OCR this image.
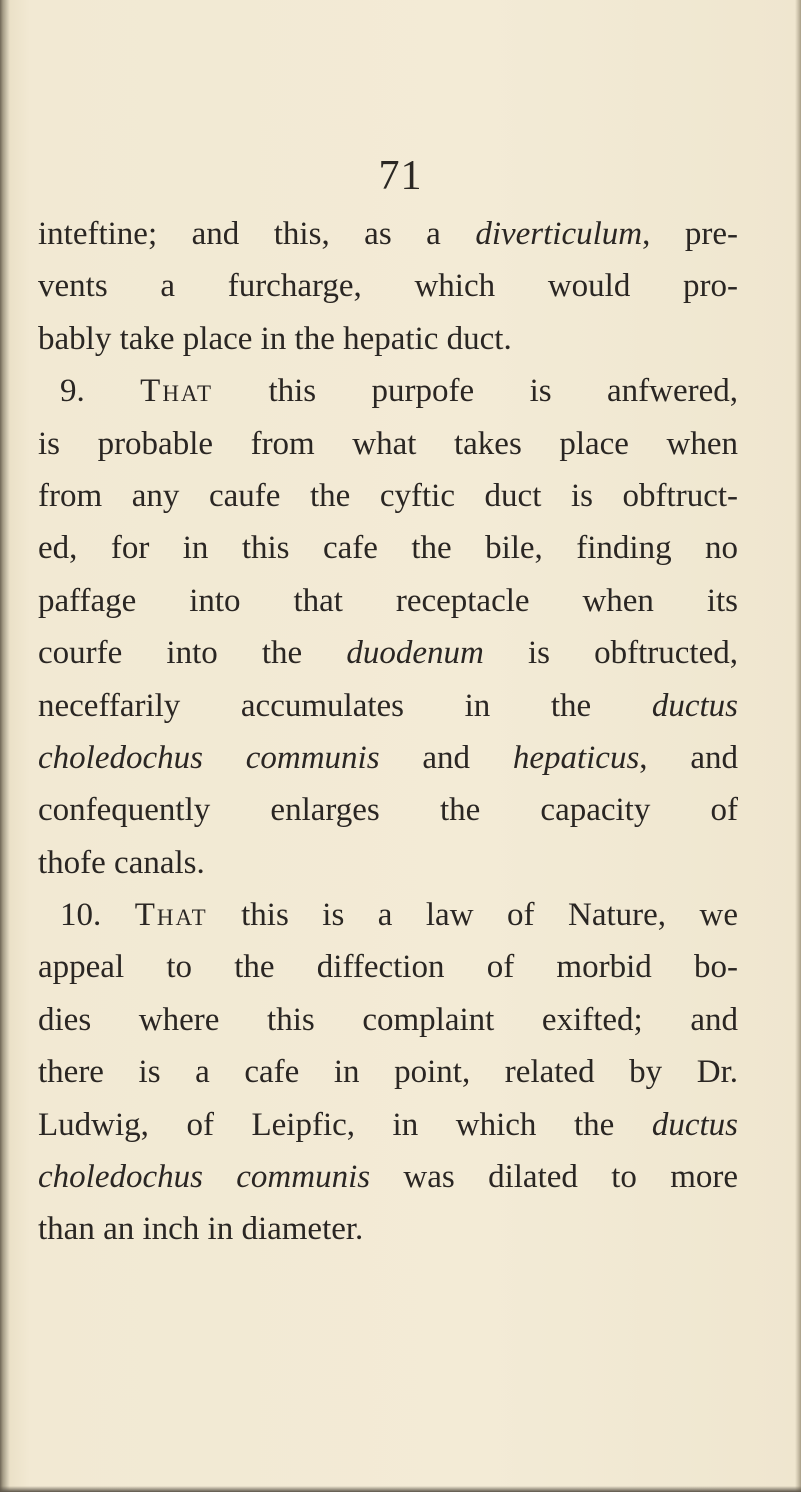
71
inteftine; and this, as a diverticulum, pre-
vents a furcharge, which would pro-
bably take place in the hepatic duct.
9. That this purpofe is anfwered,
is probable from what takes place when
from any caufe the cyftic duct is obftruct-
ed, for in this cafe the bile, finding no
paffage into that receptacle when its
courfe into the duodenum is obftructed,
neceffarily accumulates in the ductus
choledochus communis and hepaticus, and
confequently enlarges the capacity of
thofe canals.
10. That this is a law of Nature, we
appeal to the diffection of morbid bo-
dies where this complaint exifted; and
there is a cafe in point, related by Dr.
Ludwig, of Leipfic, in which the ductus
choledochus communis was dilated to more
than an inch in diameter.
